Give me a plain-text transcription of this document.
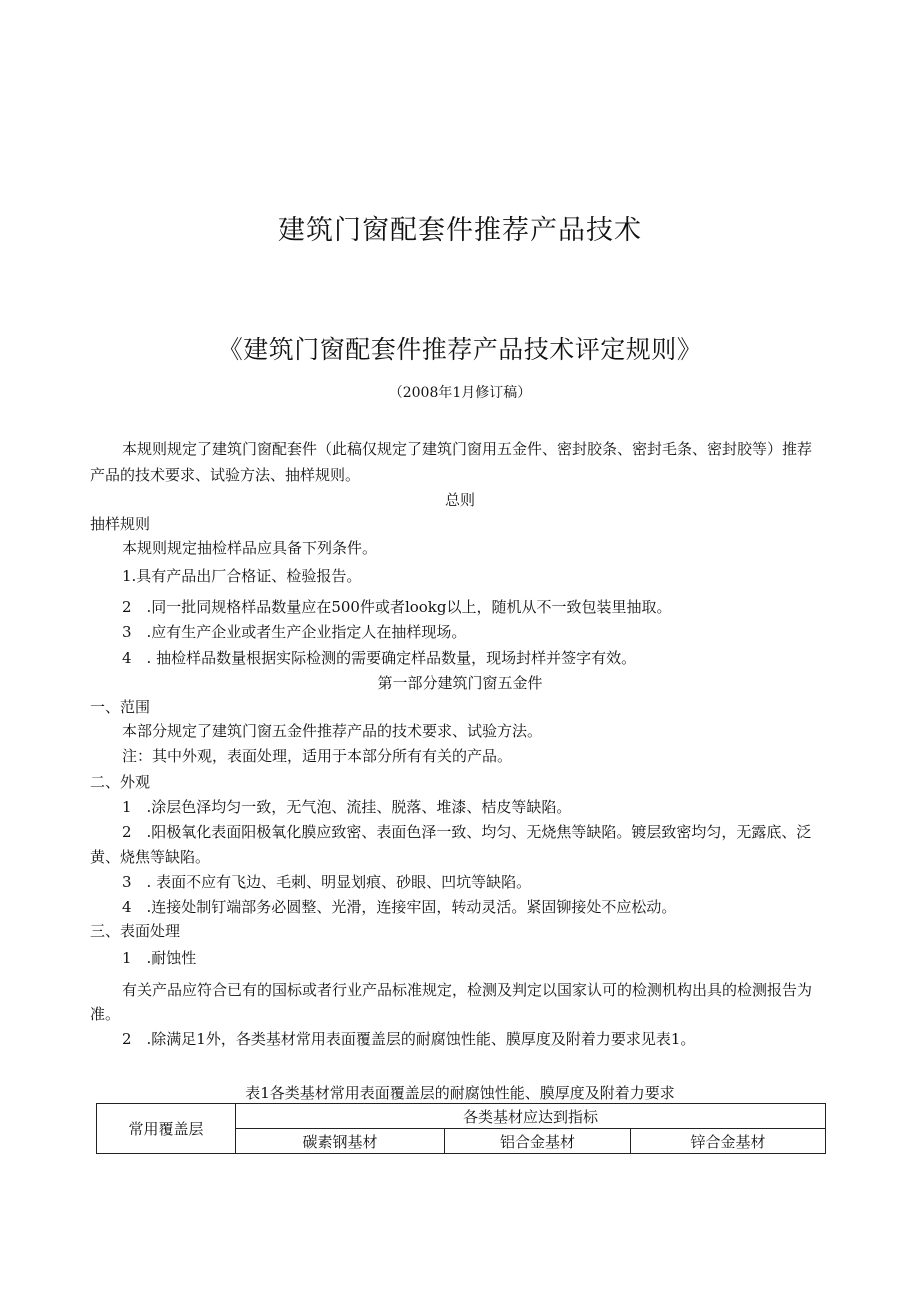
建筑门窗配套件推荐产品技术
《建筑门窗配套件推荐产品技术评定规则》
（2008年1月修订稿）
本规则规定了建筑门窗配套件（此稿仅规定了建筑门窗用五金件、密封胶条、密封毛条、密封胶等）推荐
产品的技术要求、试验方法、抽样规则。
总则
抽样规则
本规则规定抽检样品应具备下列条件。
1.具有产品出厂合格证、检验报告。
2　.同一批同规格样品数量应在500件或者lookg以上，随机从不一致包装里抽取。
3　.应有生产企业或者生产企业指定人在抽样现场。
4　. 抽检样品数量根据实际检测的需要确定样品数量，现场封样并签字有效。
第一部分建筑门窗五金件
一、范围
本部分规定了建筑门窗五金件推荐产品的技术要求、试验方法。
注：其中外观，表面处理，适用于本部分所有有关的产品。
二、外观
1　.涂层色泽均匀一致，无气泡、流挂、脱落、堆漆、桔皮等缺陷。
2　.阳极氧化表面阳极氧化膜应致密、表面色泽一致、均匀、无烧焦等缺陷。镀层致密均匀，无露底、泛
黄、烧焦等缺陷。
3　. 表面不应有飞边、毛刺、明显划痕、砂眼、凹坑等缺陷。
4　.连接处制钉端部务必圆整、光滑，连接牢固，转动灵活。紧固铆接处不应松动。
三、表面处理
1　.耐蚀性
有关产品应符合已有的国标或者行业产品标准规定，检测及判定以国家认可的检测机构出具的检测报告为
准。
2　.除满足1外，各类基材常用表面覆盖层的耐腐蚀性能、膜厚度及附着力要求见表1。
表1各类基材常用表面覆盖层的耐腐蚀性能、膜厚度及附着力要求
常用覆盖层	各类基材应达到指标		
	碳素钢基材	铝合金基材	锌合金基材
